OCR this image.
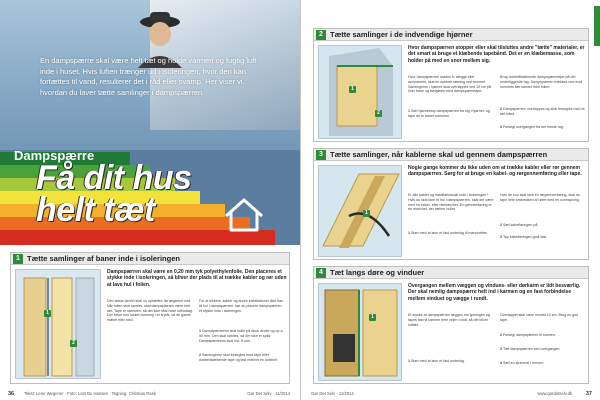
En dampspærre skal være helt tæt og holde varmen og fugtig luft inde i huset. Hvis luften trænger ud i isoleringen, hvor den kan fortættes til vand, resulterer det i råd eller svamp. Her viser vi, hvordan du laver tætte samlinger i dampspærren.
Dampspærre
Få dit hus
helt tæt
1 Tætte samlinger af baner inde i isoleringen
1
2
Dampspærren skal være en 0,20 mm tyk polyethylenfolie. Den placeres et stykke inde i isoleringen, så bliver der plads til at trække kabler og rør uden at lave hul i folien.
Den første fjerdel skal nu opsættes før lægterne ned. Når folien skal samles, skal dampspærren være helt tæt. Tape er sammen, så det ikke skal have luftindtag. Der bliver kun lukket isolering i et kryds, så de gamle møbel eller sted.
For at sikkere, kabler og andre installationer ikke kan få hul i dampspærren, bør du placere dampspærren et stykke inde i isoleringen.
1 Dampspærreens skal måle på dens vinder og op a, 50 mm. Den skal samles, så der ikke er spild. Dampspærreens skal ind, 5 mm.
2 Samlingerne skal forsegles med tape eller dobbeltklæbende tape og fast mellem en dobbelt.
36 Tekst: Lene Wegener · Foto: Lars Bo Hansen · Tegning: Christian Rask	Gør Det Selv · 11/2014
2 Tætte samlinger i de indvendige hjørner
1
2
Hvor dampspærren stopper eller skal tilsluttes andre "tætte" materialer, er det smart at bruge et klæbende tapebånd. Det er en klæbemasse, som holder på med en snor mellem sig.
Hvor dampspærren mødes fx vægge eller rumpanelet, skal en dobbelt tætning ved rummet. Samlingerne i hjørner skal overlappes ved 10 cm på hver bane og fastgøres med dampspærretape.
Brug dobbeltklæbende dampspærretape på det underliggende lag. Dampspærren trækkes ned mod rummets tæt samlet med folien.
1 Sæt hjørnestop dampspærren fra sig i hjørnet, og tape de to baner sammen.
2 Dampspærren overlappes og skal forsegles med et tæt bånd.
3 Forsegl overgangen fra det meste lag.
3 Tætte samlinger, når kablerne skal ud gennem dampspærren
1
Nogle gange kommer du ikke uden om at trække kabler eller rør gennem dampspærren. Sørg for at bruge en kabel- og rørgennemføring eller tape.
Er alle kabler og installationsrør inde i isoleringen? Hvis du skal lave et hul i dampspærren, skal det være med en kabel- eller rørmanchet. En gennemføring er en manchet, der tætner hullet.
Hvis de kun skal lave en rørgennemføring, skal du tape hele omkredsen af røret med en overlapning.
1 Start med at lave et fast underlag til manchetten.
2 Sæt kabelføringen på.
3 Tap kabelføringen godt fast.
4 Tæt langs døre og vinduer
1
Overgangen mellem væggen og vindues- eller dørkarm er lidt besværlig. Der skal nemlig dampspærre helt ind i karmen og en fast forbindelse mellem vinduet og vægge i rundt.
Et stykke af dampspærren lægges om lysningen og tapes fast til karmen hele vejen rundt, så det bliver lufttæt.
Overlappet skal være mindst 10 cm. Brug en god tape.
1 Start med at lave et fast underlag.
2 Forsegl dampspærren til karmen.
3 Tæt dampspærren ved overgangen.
4 Sæt en strimmel i revnen.
Gør Det Selv · 11/2014	www.gordetselv.dk	37
